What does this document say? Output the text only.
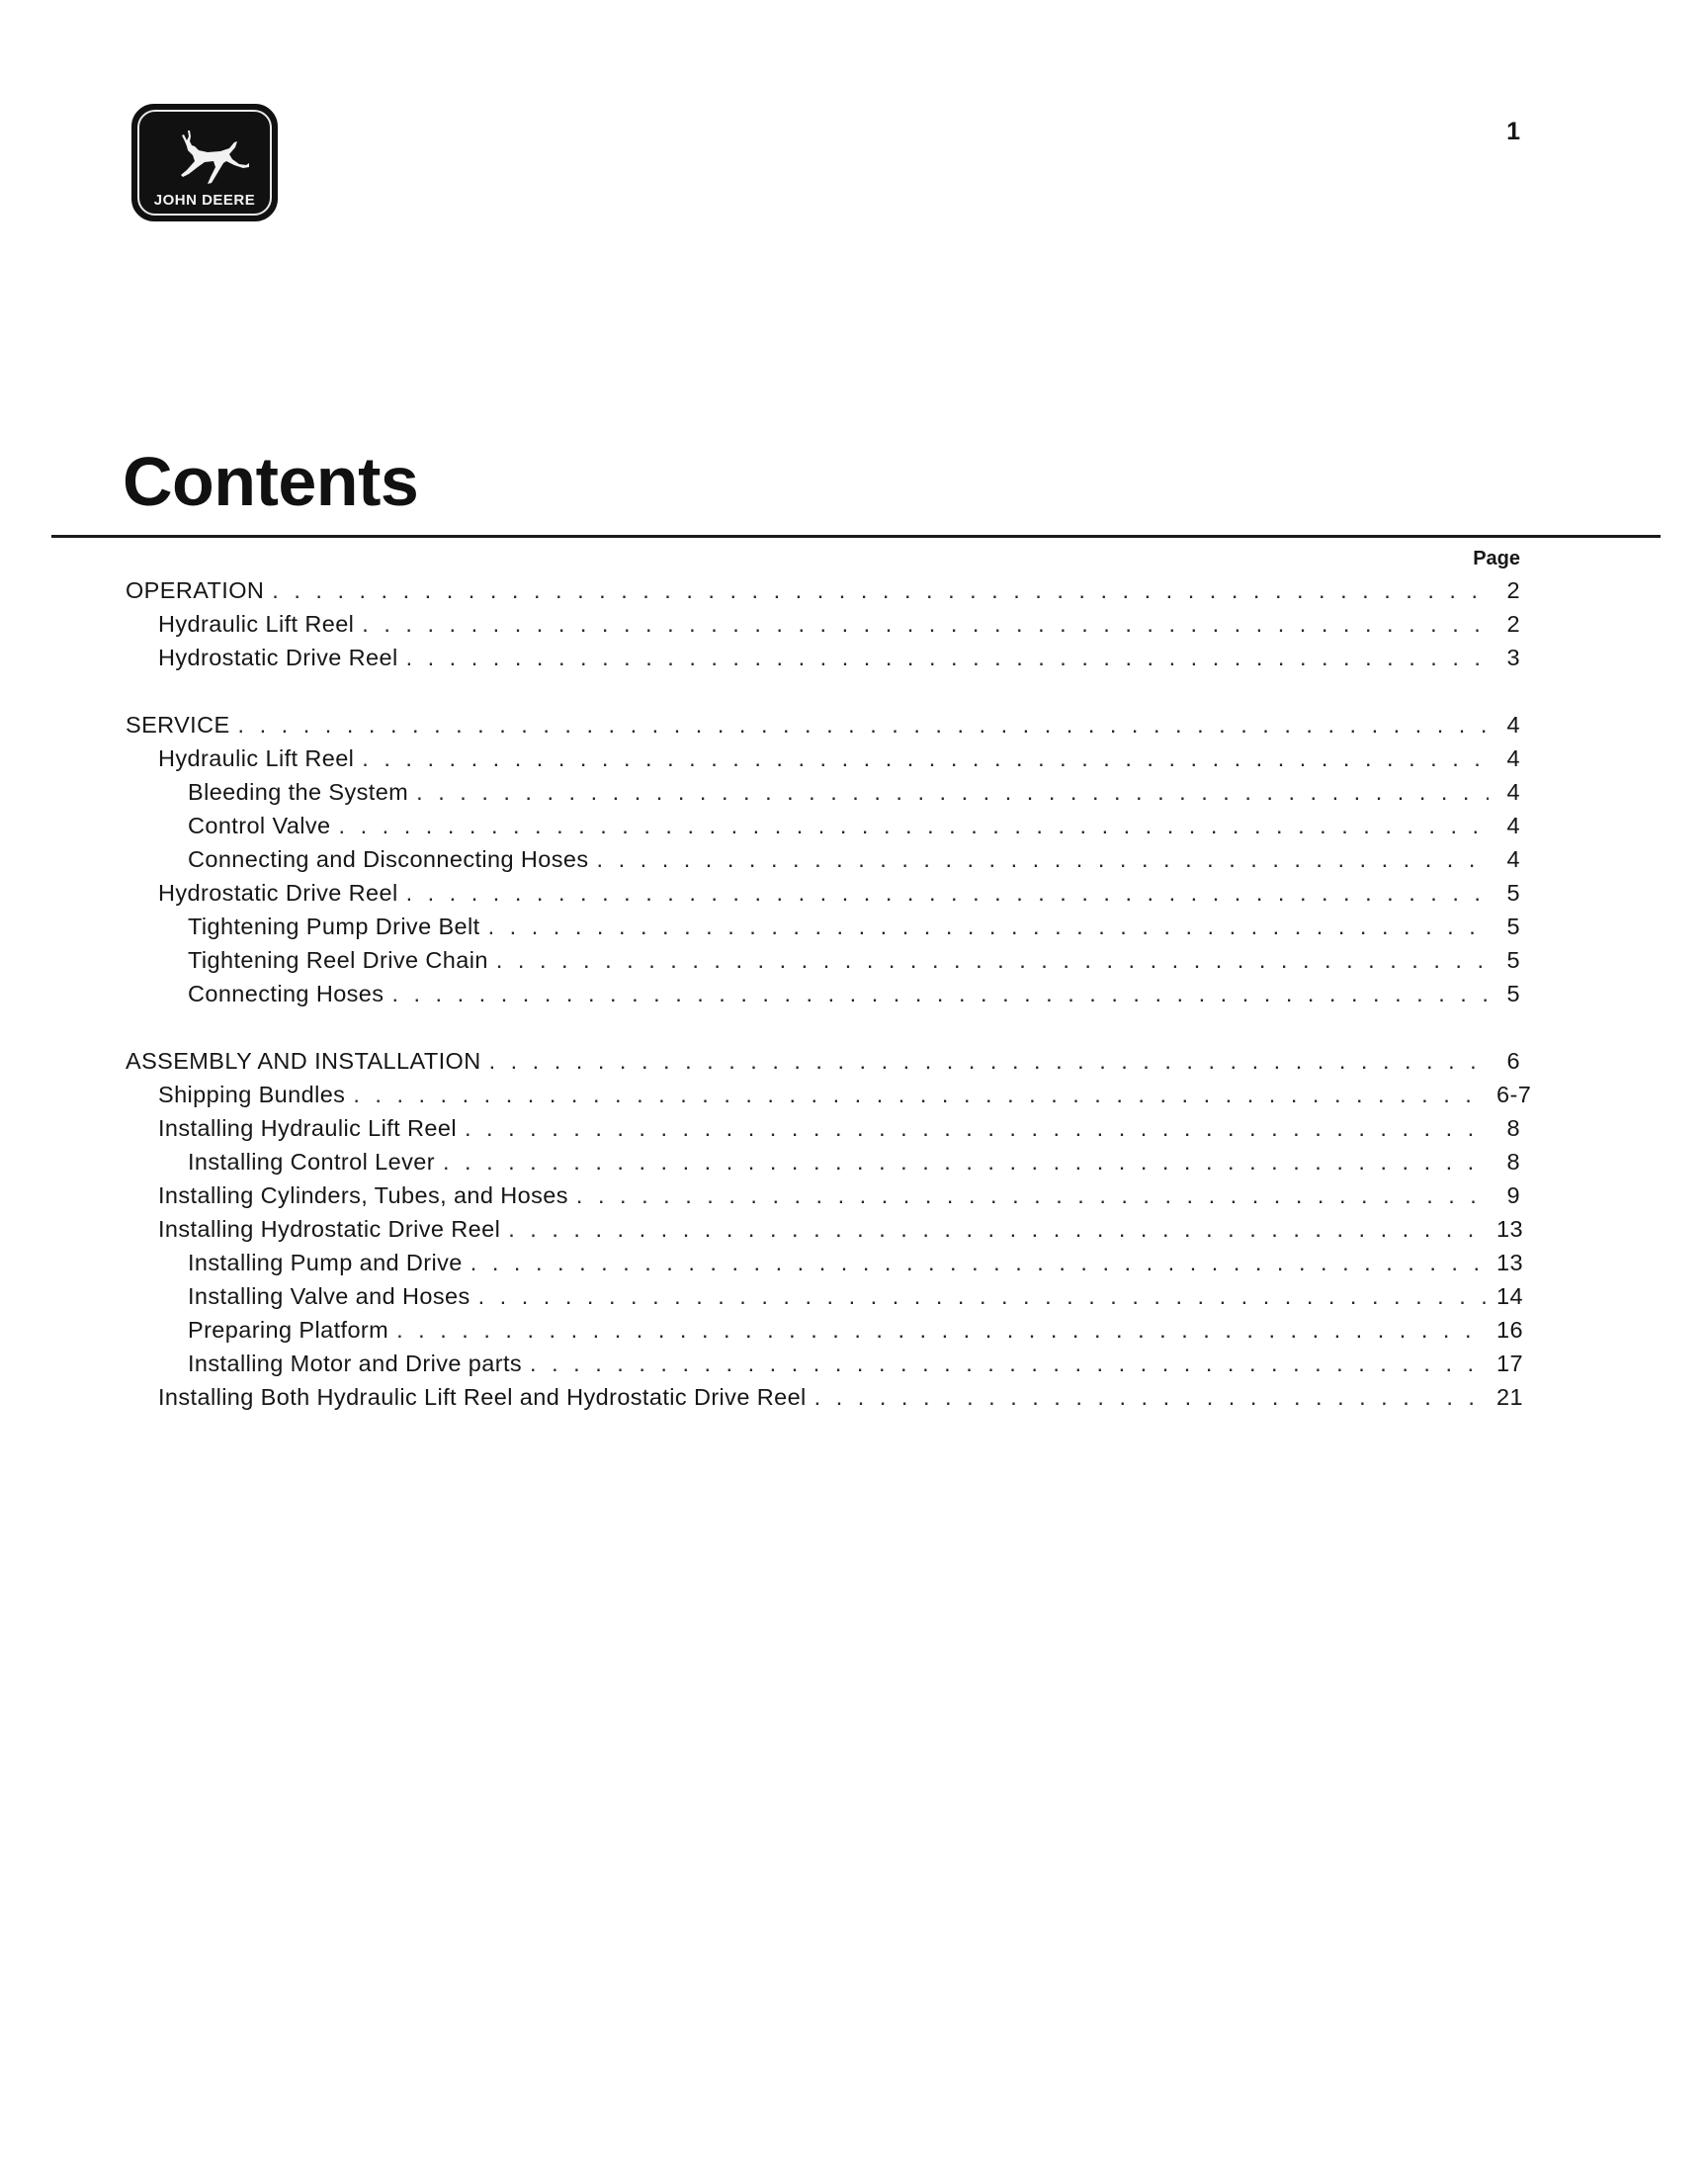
JOHN DEERE
1
Contents
Page
OPERATION . . .	2
Hydraulic Lift Reel . . .	2
Hydrostatic Drive Reel . . .	3
SERVICE . . .	4
Hydraulic Lift Reel . . .	4
Bleeding the System . . .	4
Control Valve . . .	4
Connecting and Disconnecting Hoses . . .	4
Hydrostatic Drive Reel . . .	5
Tightening Pump Drive Belt . . .	5
Tightening Reel Drive Chain . . .	5
Connecting Hoses . . .	5
ASSEMBLY AND INSTALLATION . . .	6
Shipping Bundles . . .	6-7
Installing Hydraulic Lift Reel . . .	8
Installing Control Lever . . .	8
Installing Cylinders, Tubes, and Hoses . . .	9
Installing Hydrostatic Drive Reel . . .	13
Installing Pump and Drive . . .	13
Installing Valve and Hoses . . .	14
Preparing Platform . . .	16
Installing Motor and Drive parts . . .	17
Installing Both Hydraulic Lift Reel and Hydrostatic Drive Reel . . .	21
